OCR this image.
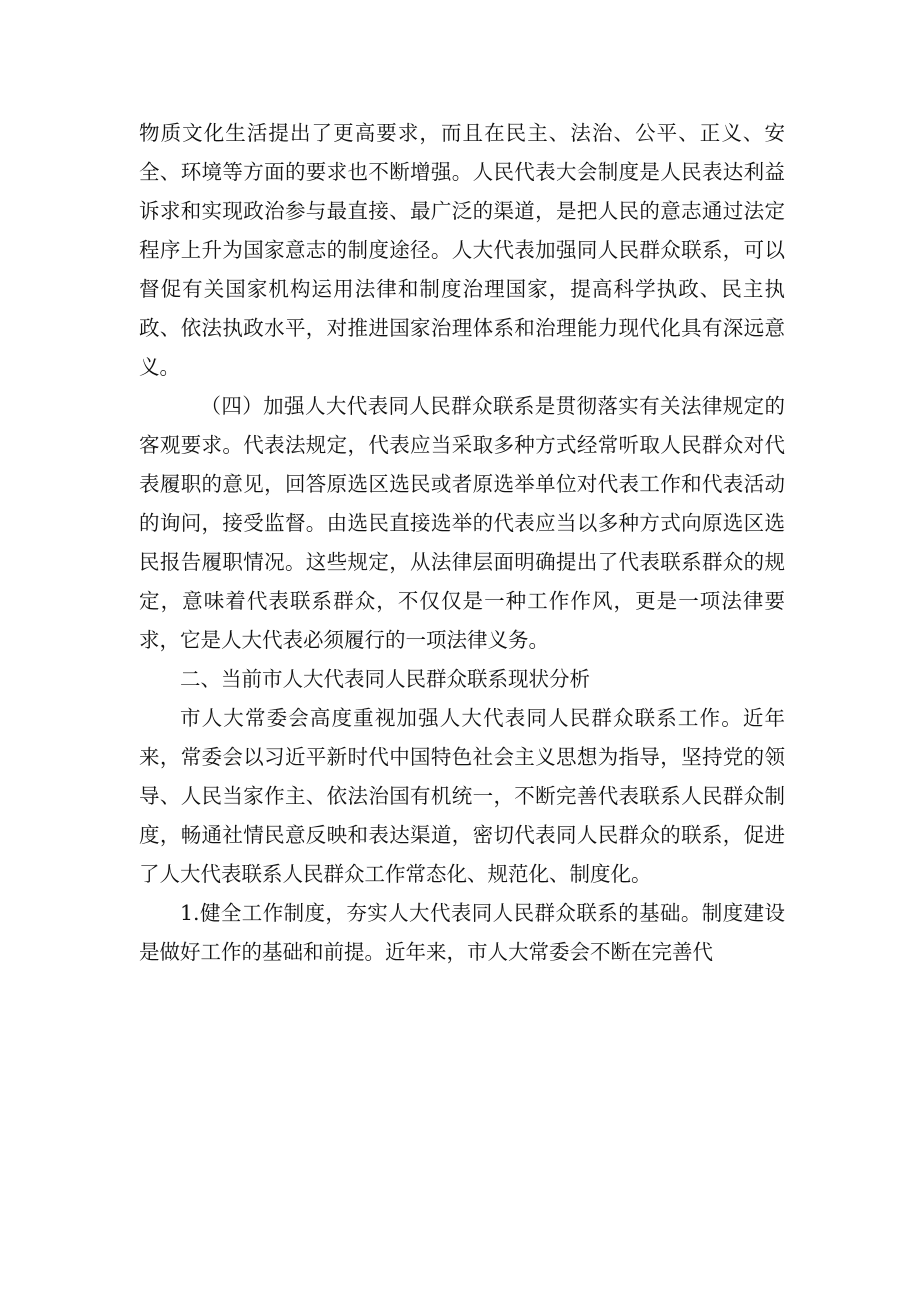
物质文化生活提出了更高要求，而且在民主、法治、公平、正义、安全、环境等方面的要求也不断增强。人民代表大会制度是人民表达利益诉求和实现政治参与最直接、最广泛的渠道，是把人民的意志通过法定程序上升为国家意志的制度途径。人大代表加强同人民群众联系，可以督促有关国家机构运用法律和制度治理国家，提高科学执政、民主执政、依法执政水平，对推进国家治理体系和治理能力现代化具有深远意义。

（四）加强人大代表同人民群众联系是贯彻落实有关法律规定的客观要求。代表法规定，代表应当采取多种方式经常听取人民群众对代表履职的意见，回答原选区选民或者原选举单位对代表工作和代表活动的询问，接受监督。由选民直接选举的代表应当以多种方式向原选区选民报告履职情况。这些规定，从法律层面明确提出了代表联系群众的规定，意味着代表联系群众，不仅仅是一种工作作风，更是一项法律要求，它是人大代表必须履行的一项法律义务。

二、当前市人大代表同人民群众联系现状分析

市人大常委会高度重视加强人大代表同人民群众联系工作。近年来，常委会以习近平新时代中国特色社会主义思想为指导，坚持党的领导、人民当家作主、依法治国有机统一，不断完善代表联系人民群众制度，畅通社情民意反映和表达渠道，密切代表同人民群众的联系，促进了人大代表联系人民群众工作常态化、规范化、制度化。

1.健全工作制度，夯实人大代表同人民群众联系的基础。制度建设是做好工作的基础和前提。近年来，市人大常委会不断在完善代
